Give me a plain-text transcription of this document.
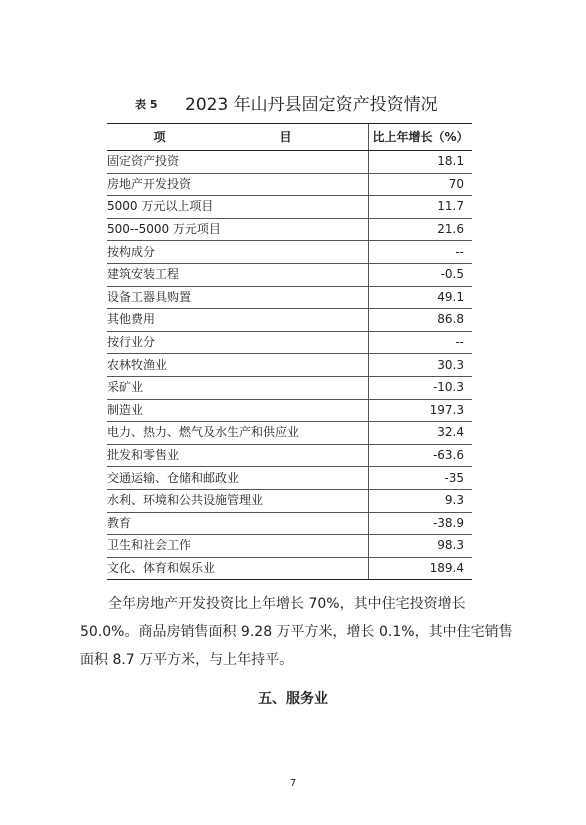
表 5 2023 年山丹县固定资产投资情况
项　　目	比上年增长（%）
固定资产投资	18.1
房地产开发投资	70
5000 万元以上项目	11.7
500--5000 万元项目	21.6
按构成分	--
建筑安装工程	-0.5
设备工器具购置	49.1
其他费用	86.8
按行业分	--
农林牧渔业	30.3
采矿业	-10.3
制造业	197.3
电力、热力、燃气及水生产和供应业	32.4
批发和零售业	-63.6
交通运输、仓储和邮政业	-35
水利、环境和公共设施管理业	9.3
教育	-38.9
卫生和社会工作	98.3
文化、体育和娱乐业	189.4

全年房地产开发投资比上年增长 70%，其中住宅投资增长 50.0%。商品房销售面积 9.28 万平方米，增长 0.1%，其中住宅销售面积 8.7 万平方米，与上年持平。

五、服务业
7
